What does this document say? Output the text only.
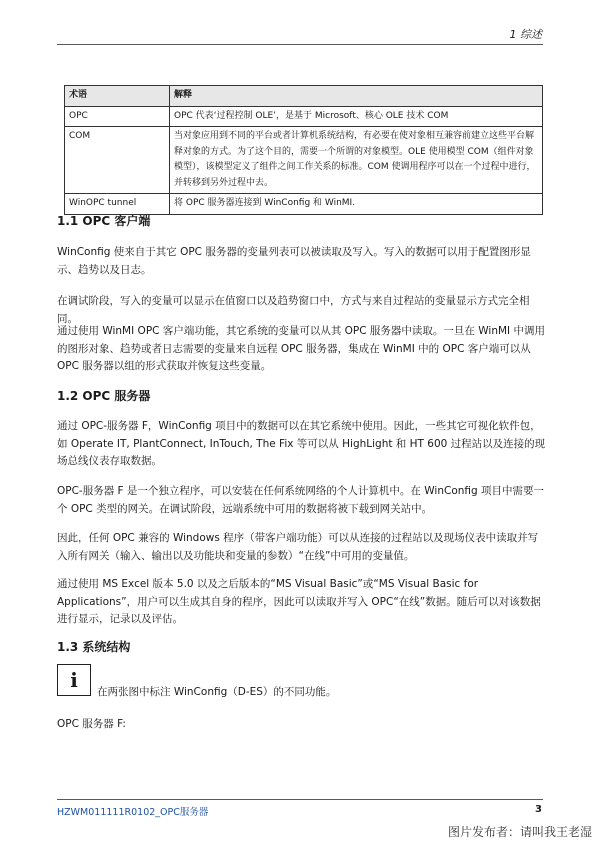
1 综述
术语	解释
OPC	OPC 代表‘过程控制 OLE’，是基于 Microsoft、核心 OLE 技术 COM
COM	当对象应用到不同的平台或者计算机系统结构，有必要在使对象相互兼容前建立这些平台解释对象的方式。为了这个目的，需要一个所谓的对象模型。OLE 使用模型 COM（组件对象模型），该模型定义了组件之间工作关系的标准。COM 使调用程序可以在一个过程中进行，并转移到另外过程中去。
WinOPC tunnel	将 OPC 服务器连接到 WinConfig 和 WinMI.
1.1 OPC 客户端

WinConfig 使来自于其它 OPC 服务器的变量列表可以被读取及写入。写入的数据可以用于配置图形显示、趋势以及日志。

在调试阶段，写入的变量可以显示在值窗口以及趋势窗口中，方式与来自过程站的变量显示方式完全相同。

通过使用 WinMI OPC 客户端功能，其它系统的变量可以从其 OPC 服务器中读取。一旦在 WinMI 中调用的图形对象、趋势或者日志需要的变量来自远程 OPC 服务器，集成在 WinMI 中的 OPC 客户端可以从 OPC 服务器以组的形式获取并恢复这些变量。

1.2 OPC 服务器

通过 OPC-服务器 F，WinConfig 项目中的数据可以在其它系统中使用。因此，一些其它可视化软件包，如 Operate IT, PlantConnect, InTouch, The Fix 等可以从 HighLight 和 HT 600 过程站以及连接的现场总线仪表存取数据。

OPC-服务器 F 是一个独立程序，可以安装在任何系统网络的个人计算机中。在 WinConfig 项目中需要一个 OPC 类型的网关。在调试阶段，远端系统中可用的数据将被下载到网关站中。

因此，任何 OPC 兼容的 Windows 程序（带客户端功能）可以从连接的过程站以及现场仪表中读取并写入所有网关（输入、输出以及功能块和变量的参数）“在线”中可用的变量值。

通过使用 MS Excel 版本 5.0 以及之后版本的“MS Visual Basic”或“MS Visual Basic for Applications”，用户可以生成其自身的程序，因此可以读取并写入 OPC“在线”数据。随后可以对该数据进行显示，记录以及评估。

1.3 系统结构
i	在两张图中标注 WinConfig（D-ES）的不同功能。

OPC 服务器 F:

HZWM011111R0102_OPC服务器	3
图片发布者：请叫我王老湿
